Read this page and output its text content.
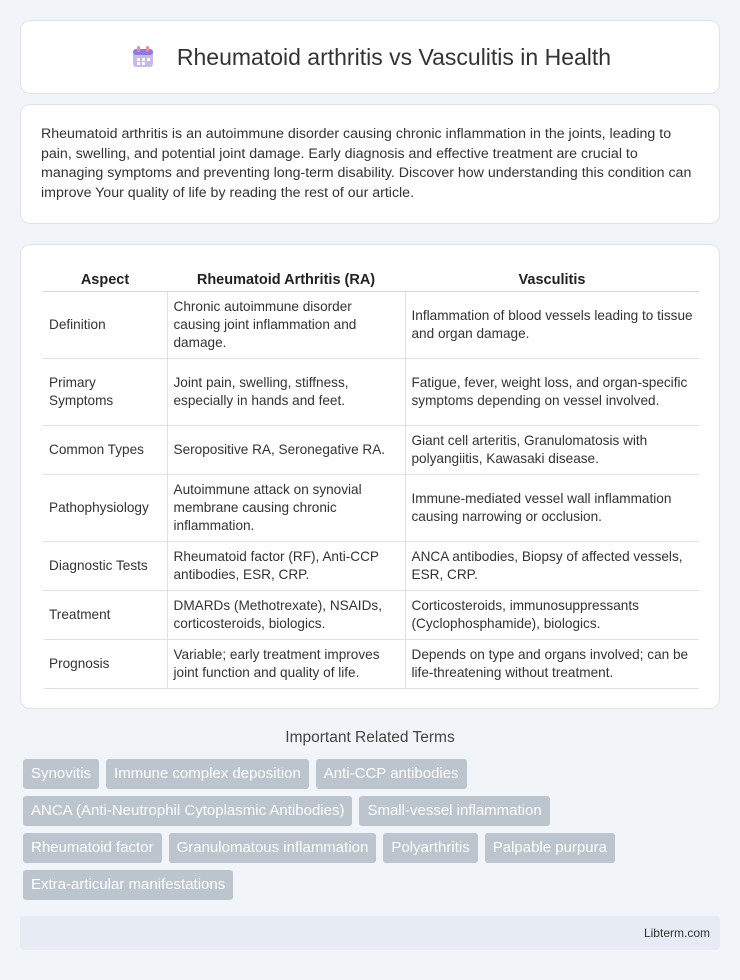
Rheumatoid arthritis vs Vasculitis in Health

Rheumatoid arthritis is an autoimmune disorder causing chronic inflammation in the joints, leading to pain, swelling, and potential joint damage. Early diagnosis and effective treatment are crucial to managing symptoms and preventing long-term disability. Discover how understanding this condition can improve Your quality of life by reading the rest of our article.

Aspect	Rheumatoid Arthritis (RA)	Vasculitis
Definition	Chronic autoimmune disorder causing joint inflammation and damage.	Inflammation of blood vessels leading to tissue and organ damage.
Primary Symptoms	Joint pain, swelling, stiffness, especially in hands and feet.	Fatigue, fever, weight loss, and organ-specific symptoms depending on vessel involved.
Common Types	Seropositive RA, Seronegative RA.	Giant cell arteritis, Granulomatosis with polyangiitis, Kawasaki disease.
Pathophysiology	Autoimmune attack on synovial membrane causing chronic inflammation.	Immune-mediated vessel wall inflammation causing narrowing or occlusion.
Diagnostic Tests	Rheumatoid factor (RF), Anti-CCP antibodies, ESR, CRP.	ANCA antibodies, Biopsy of affected vessels, ESR, CRP.
Treatment	DMARDs (Methotrexate), NSAIDs, corticosteroids, biologics.	Corticosteroids, immunosuppressants (Cyclophosphamide), biologics.
Prognosis	Variable; early treatment improves joint function and quality of life.	Depends on type and organs involved; can be life-threatening without treatment.
Important Related Terms
Synovitis	Immune complex deposition	Anti-CCP antibodies
ANCA (Anti-Neutrophil Cytoplasmic Antibodies)	Small-vessel inflammation
Rheumatoid factor	Granulomatous inflammation	Polyarthritis	Palpable purpura
Extra-articular manifestations
Libterm.com
